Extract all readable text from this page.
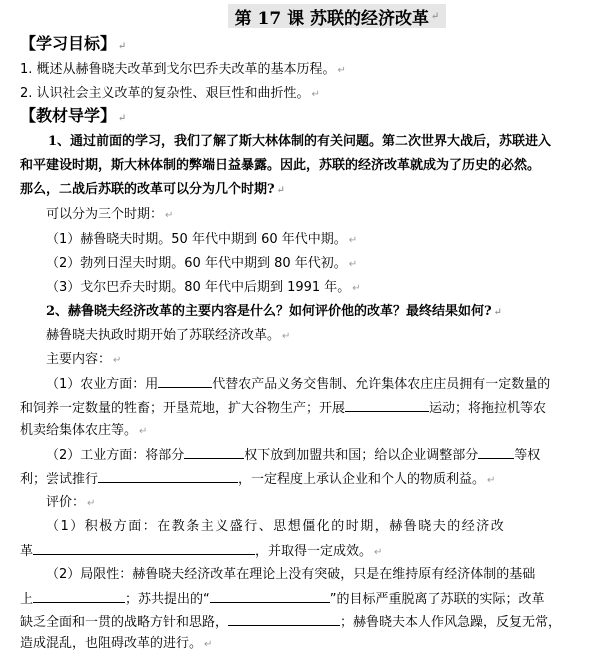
第 17 课 苏联的经济改革 ↵
【学习目标】 ↵
1. 概述从赫鲁晓夫改革到戈尔巴乔夫改革的基本历程。 ↵
2. 认识社会主义改革的复杂性、艰巨性和曲折性。 ↵
【教材导学】 ↵
1、通过前面的学习，我们了解了斯大林体制的有关问题。第二次世界大战后，苏联进入
和平建设时期，斯大林体制的弊端日益暴露。因此，苏联的经济改革就成为了历史的必然。
那么，二战后苏联的改革可以分为几个时期? ↵
可以分为三个时期： ↵
（1）赫鲁晓夫时期。50 年代中期到 60 年代中期。 ↵
（2）勃列日涅夫时期。60 年代中期到 80 年代初。 ↵
（3）戈尔巴乔夫时期。80 年代中后期到 1991 年。 ↵
2、赫鲁晓夫经济改革的主要内容是什么？如何评价他的改革？最终结果如何? ↵
赫鲁晓夫执政时期开始了苏联经济改革。 ↵
主要内容： ↵
（1）农业方面：用	代替农产品义务交售制、允许集体农庄庄员拥有一定数量的
和饲养一定数量的牲畜；开垦荒地，扩大谷物生产；开展	运动；将拖拉机等农
机卖给集体农庄等。 ↵
（2）工业方面：将部分	权下放到加盟共和国；给以企业调整部分	等权
利；尝试推行	，一定程度上承认企业和个人的物质利益。 ↵
评价： ↵
（1）积极方面：在教条主义盛行、思想僵化的时期，赫鲁晓夫的经济改
革	，并取得一定成效。 ↵
（2）局限性：赫鲁晓夫经济改革在理论上没有突破，只是在维持原有经济体制的基础
上	；苏共提出的“	”的目标严重脱离了苏联的实际；改革
缺乏全面和一贯的战略方针和思路，	；赫鲁晓夫本人作风急躁，反复无常，
造成混乱，也阻碍改革的进行。 ↵
